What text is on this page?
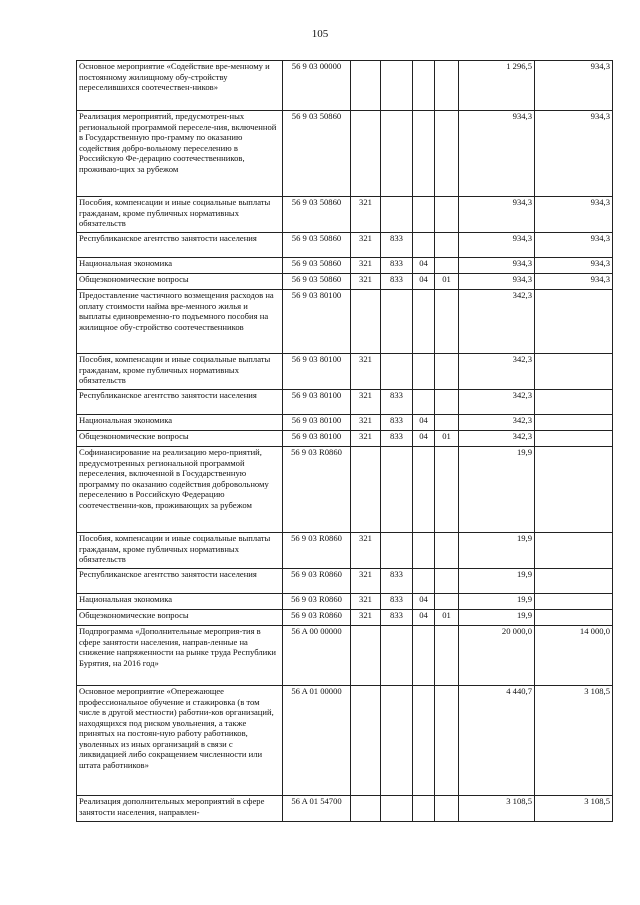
105
Основное мероприятие «Содействие вре-менному и постоянному жилищному обу-стройству переселившихся соотечествен-ников»	56 9 03 00000					1 296,5	934,3
Реализация мероприятий, предусмотрен-ных региональной программой переселе-ния, включенной в Государственную про-грамму по оказанию содействия добро-вольному переселению в Российскую Фе-дерацию соотечественников, проживаю-щих за рубежом	56 9 03 50860					934,3	934,3
Пособия, компенсации и иные социальные выплаты гражданам, кроме публичных нормативных обязательств	56 9 03 50860	321				934,3	934,3
Республиканское агентство занятости населения	56 9 03 50860	321	833			934,3	934,3
Национальная экономика	56 9 03 50860	321	833	04		934,3	934,3
Общеэкономические вопросы	56 9 03 50860	321	833	04	01	934,3	934,3
Предоставление частичного возмещения расходов на оплату стоимости найма вре-менного жилья и выплаты единовременно-го подъемного пособия на жилищное обу-стройство соотечественников	56 9 03 80100					342,3	
Пособия, компенсации и иные социальные выплаты гражданам, кроме публичных нормативных обязательств	56 9 03 80100	321				342,3	
Республиканское агентство занятости населения	56 9 03 80100	321	833			342,3	
Национальная экономика	56 9 03 80100	321	833	04		342,3	
Общеэкономические вопросы	56 9 03 80100	321	833	04	01	342,3	
Софинансирование на реализацию меро-приятий, предусмотренных региональной программой переселения, включенной в Государственную программу по оказанию содействия добровольному переселению в Российскую Федерацию соотечественни-ков, проживающих за рубежом	56 9 03 R0860					19,9	
Пособия, компенсации и иные социальные выплаты гражданам, кроме публичных нормативных обязательств	56 9 03 R0860	321				19,9	
Республиканское агентство занятости населения	56 9 03 R0860	321	833			19,9	
Национальная экономика	56 9 03 R0860	321	833	04		19,9	
Общеэкономические вопросы	56 9 03 R0860	321	833	04	01	19,9	
Подпрограмма «Дополнительные мероприя-тия в сфере занятости населения, направ-ленные на снижение напряженности на рынке труда Республики Бурятия, на 2016 год»	56 A 00 00000					20 000,0	14 000,0
Основное мероприятие «Опережающее профессиональное обучение и стажировка (в том числе в другой местности) работни-ков организаций, находящихся под риском увольнения, а также принятых на постоян-ную работу работников, уволенных из иных организаций в связи с ликвидацией либо сокращением численности или штата работников»	56 A 01 00000					4 440,7	3 108,5
Реализация дополнительных мероприятий в сфере занятости населения, направлен-	56 A 01 54700					3 108,5	3 108,5
